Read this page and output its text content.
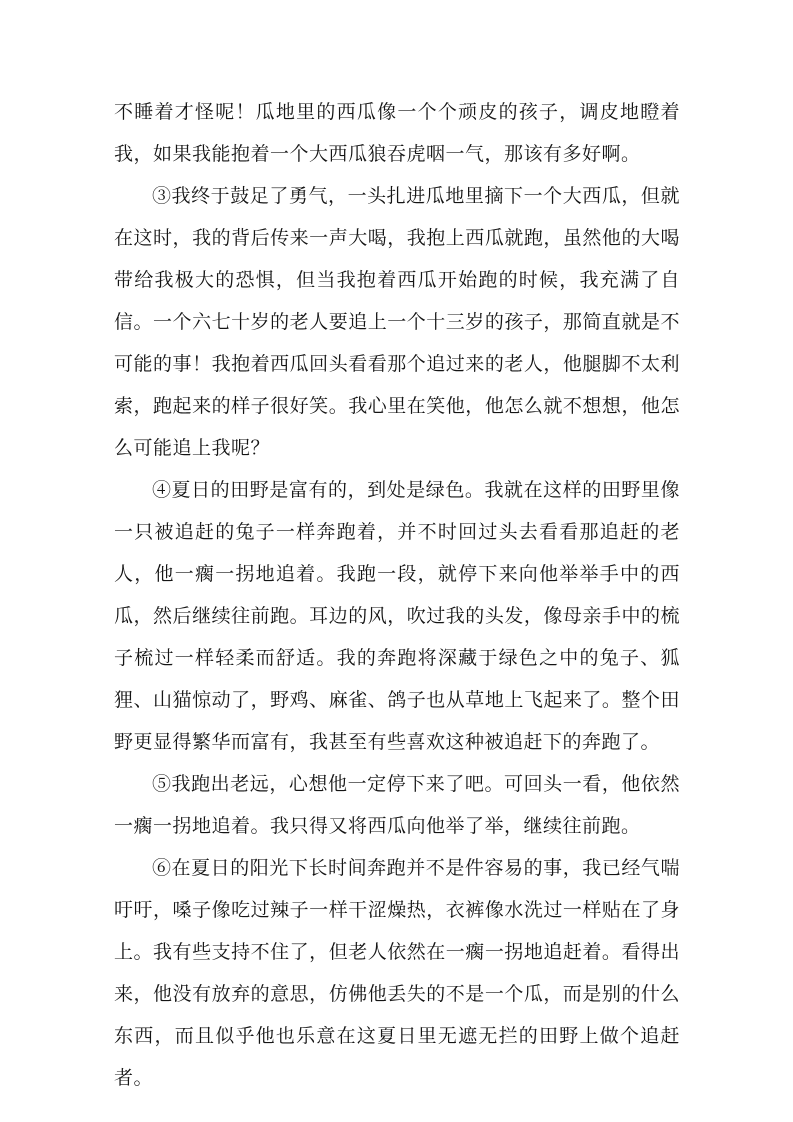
不睡着才怪呢！瓜地里的西瓜像一个个顽皮的孩子，调皮地瞪着我，如果我能抱着一个大西瓜狼吞虎咽一气，那该有多好啊。

③我终于鼓足了勇气，一头扎进瓜地里摘下一个大西瓜，但就在这时，我的背后传来一声大喝，我抱上西瓜就跑，虽然他的大喝带给我极大的恐惧，但当我抱着西瓜开始跑的时候，我充满了自信。一个六七十岁的老人要追上一个十三岁的孩子，那简直就是不可能的事！我抱着西瓜回头看看那个追过来的老人，他腿脚不太利索，跑起来的样子很好笑。我心里在笑他，他怎么就不想想，他怎么可能追上我呢？

④夏日的田野是富有的，到处是绿色。我就在这样的田野里像一只被追赶的兔子一样奔跑着，并不时回过头去看看那追赶的老人，他一瘸一拐地追着。我跑一段，就停下来向他举举手中的西瓜，然后继续往前跑。耳边的风，吹过我的头发，像母亲手中的梳子梳过一样轻柔而舒适。我的奔跑将深藏于绿色之中的兔子、狐狸、山猫惊动了，野鸡、麻雀、鸽子也从草地上飞起来了。整个田野更显得繁华而富有，我甚至有些喜欢这种被追赶下的奔跑了。

⑤我跑出老远，心想他一定停下来了吧。可回头一看，他依然一瘸一拐地追着。我只得又将西瓜向他举了举，继续往前跑。

⑥在夏日的阳光下长时间奔跑并不是件容易的事，我已经气喘吁吁，嗓子像吃过辣子一样干涩燥热，衣裤像水洗过一样贴在了身上。我有些支持不住了，但老人依然在一瘸一拐地追赶着。看得出来，他没有放弃的意思，仿佛他丢失的不是一个瓜，而是别的什么东西，而且似乎他也乐意在这夏日里无遮无拦的田野上做个追赶者。
